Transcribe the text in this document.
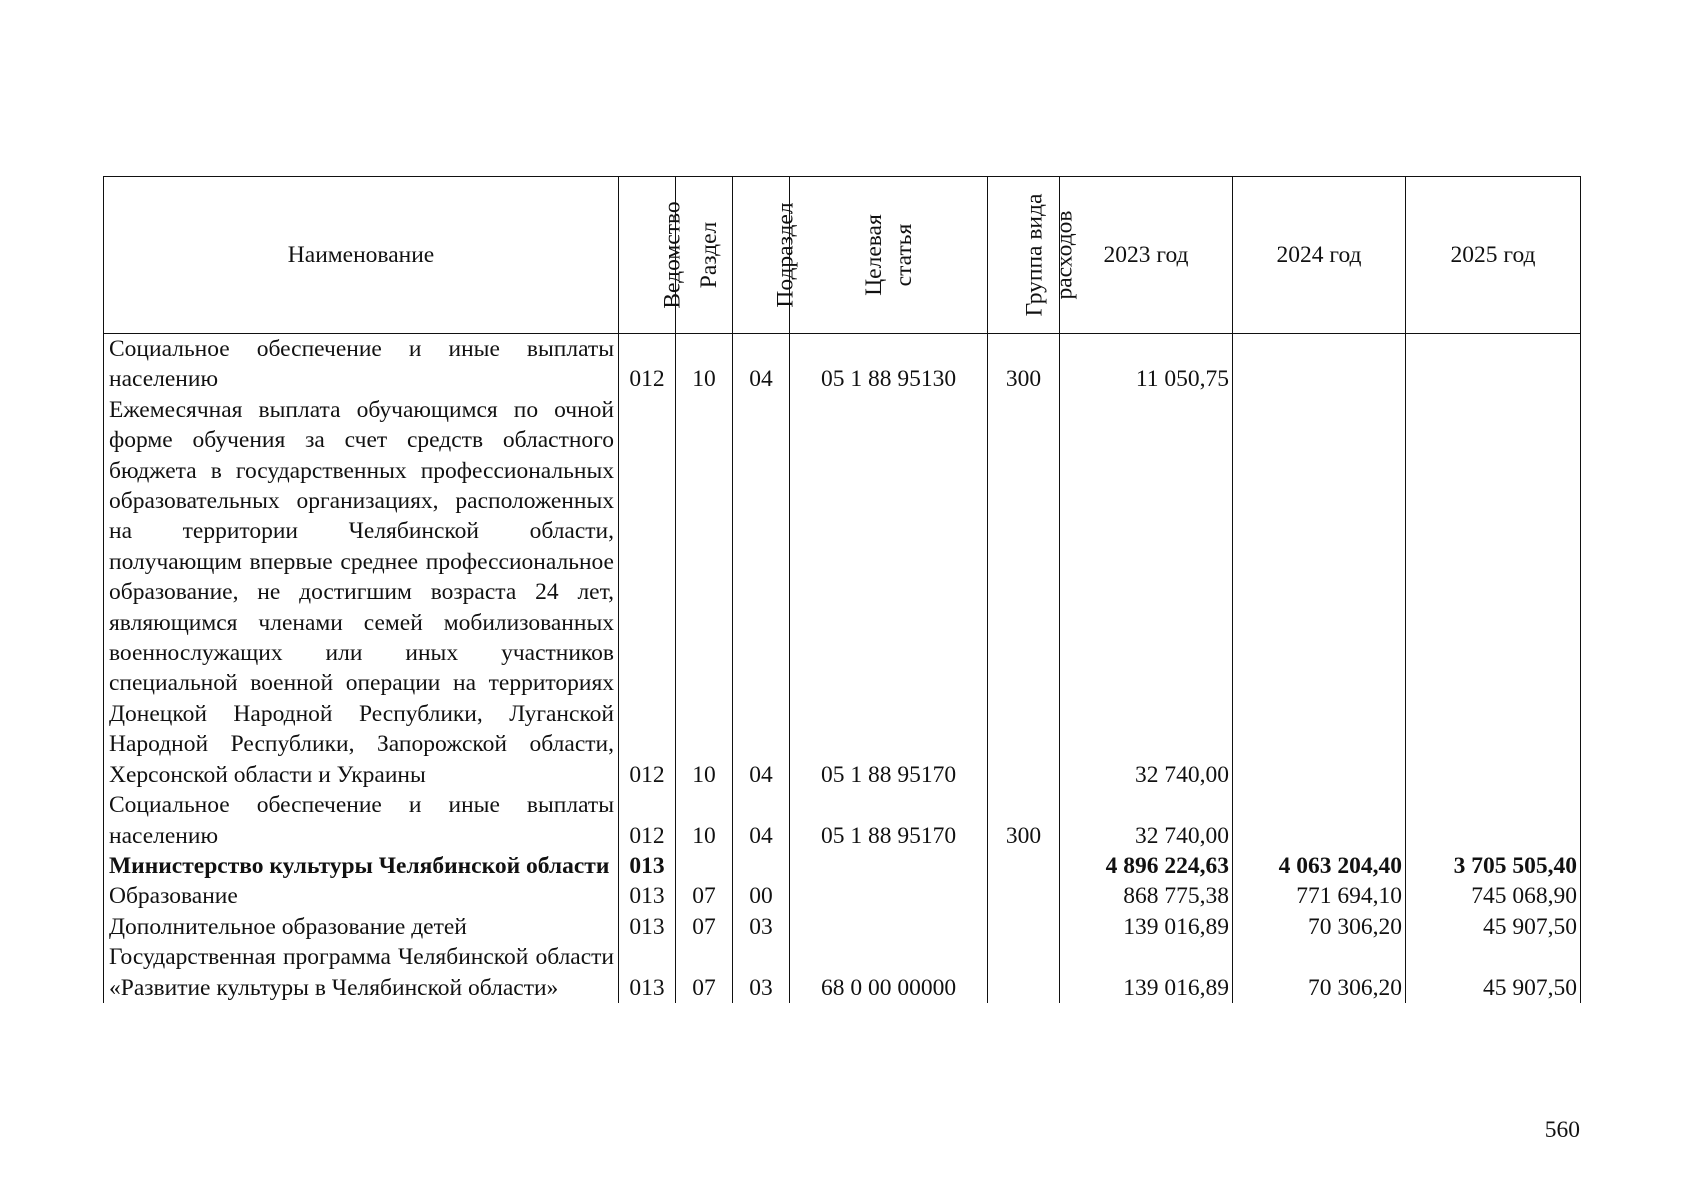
Наименование	Ведомство	Раздел	Подраздел	Целевая статья	Группа вида расходов	2023 год	2024 год	2025 год
Социальное обеспечение и иные выплаты населению	012	10	04	05 1 88 95130	300	11 050,75		
Ежемесячная выплата обучающимся по очной форме обучения за счет средств областного бюджета в государственных профессиональных образовательных организациях, расположенных на территории Челябинской области, получающим впервые среднее профессиональное образование, не достигшим возраста 24 лет, являющимся членами семей мобилизованных военнослужащих или иных участников специальной военной операции на территориях Донецкой Народной Республики, Луганской Народной Республики, Запорожской области, Херсонской области и Украины	012	10	04	05 1 88 95170		32 740,00		
Социальное обеспечение и иные выплаты населению	012	10	04	05 1 88 95170	300	32 740,00		
Министерство культуры Челябинской области	013					4 896 224,63	4 063 204,40	3 705 505,40
Образование	013	07	00			868 775,38	771 694,10	745 068,90
Дополнительное образование детей	013	07	03			139 016,89	70 306,20	45 907,50
Государственная программа Челябинской области «Развитие культуры в Челябинской области»	013	07	03	68 0 00 00000		139 016,89	70 306,20	45 907,50
560
